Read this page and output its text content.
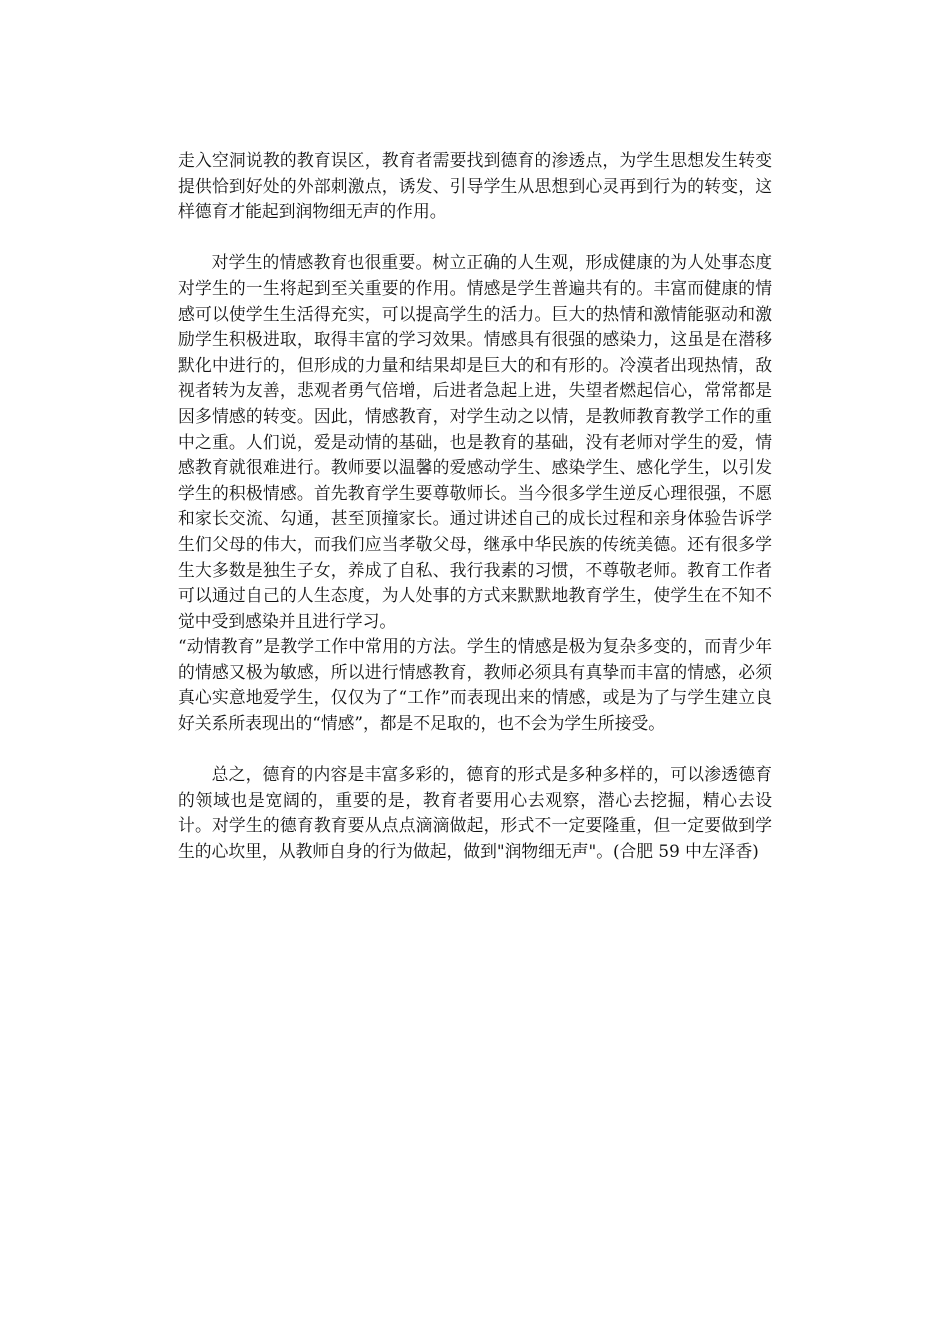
走入空洞说教的教育误区，教育者需要找到德育的渗透点，为学生思想发生转变提供恰到好处的外部刺激点，诱发、引导学生从思想到心灵再到行为的转变，这样德育才能起到润物细无声的作用。

对学生的情感教育也很重要。树立正确的人生观，形成健康的为人处事态度对学生的一生将起到至关重要的作用。情感是学生普遍共有的。丰富而健康的情感可以使学生生活得充实，可以提高学生的活力。巨大的热情和激情能驱动和激励学生积极进取，取得丰富的学习效果。情感具有很强的感染力，这虽是在潜移默化中进行的，但形成的力量和结果却是巨大的和有形的。冷漠者出现热情，敌视者转为友善，悲观者勇气倍增，后进者急起上进，失望者燃起信心，常常都是因多情感的转变。因此，情感教育，对学生动之以情，是教师教育教学工作的重中之重。人们说，爱是动情的基础，也是教育的基础，没有老师对学生的爱，情感教育就很难进行。教师要以温馨的爱感动学生、感染学生、感化学生，以引发学生的积极情感。首先教育学生要尊敬师长。当今很多学生逆反心理很强，不愿和家长交流、勾通，甚至顶撞家长。通过讲述自己的成长过程和亲身体验告诉学生们父母的伟大，而我们应当孝敬父母，继承中华民族的传统美德。还有很多学生大多数是独生子女，养成了自私、我行我素的习惯，不尊敬老师。教育工作者可以通过自己的人生态度，为人处事的方式来默默地教育学生，使学生在不知不觉中受到感染并且进行学习。

“动情教育”是教学工作中常用的方法。学生的情感是极为复杂多变的，而青少年的情感又极为敏感，所以进行情感教育，教师必须具有真挚而丰富的情感，必须真心实意地爱学生，仅仅为了“工作”而表现出来的情感，或是为了与学生建立良好关系所表现出的“情感”，都是不足取的，也不会为学生所接受。

总之，德育的内容是丰富多彩的，德育的形式是多种多样的，可以渗透德育的领域也是宽阔的，重要的是，教育者要用心去观察，潜心去挖掘，精心去设计。对学生的德育教育要从点点滴滴做起，形式不一定要隆重，但一定要做到学生的心坎里，从教师自身的行为做起，做到"润物细无声"。(合肥 59 中左泽香)
